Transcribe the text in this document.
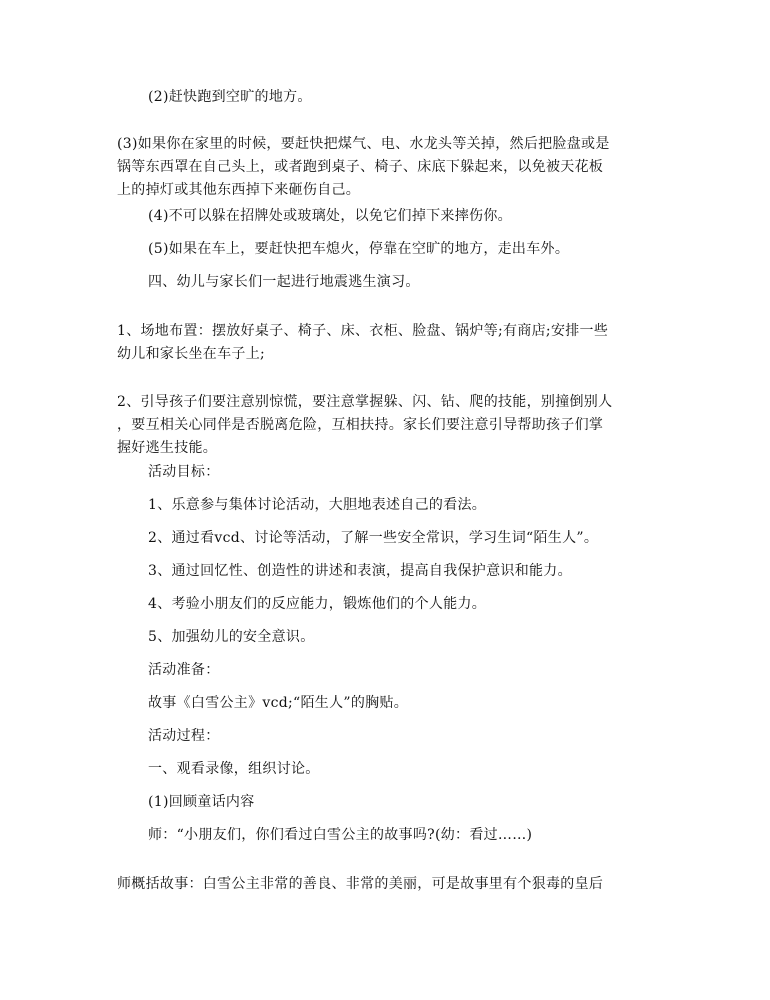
(2)赶快跑到空旷的地方。
(3)如果你在家里的时候，要赶快把煤气、电、水龙头等关掉，然后把脸盘或是
锅等东西罩在自己头上，或者跑到桌子、椅子、床底下躲起来，以免被天花板
上的掉灯或其他东西掉下来砸伤自己。
(4)不可以躲在招牌处或玻璃处，以免它们掉下来摔伤你。
(5)如果在车上，要赶快把车熄火，停靠在空旷的地方，走出车外。
四、幼儿与家长们一起进行地震逃生演习。
1、场地布置：摆放好桌子、椅子、床、衣柜、脸盘、锅炉等;有商店;安排一些
幼儿和家长坐在车子上;
2、引导孩子们要注意别惊慌，要注意掌握躲、闪、钻、爬的技能，别撞倒别人
，要互相关心同伴是否脱离危险，互相扶持。家长们要注意引导帮助孩子们掌
握好逃生技能。
活动目标：
1、乐意参与集体讨论活动，大胆地表述自己的看法。
2、通过看vcd、讨论等活动，了解一些安全常识，学习生词“陌生人”。
3、通过回忆性、创造性的讲述和表演，提高自我保护意识和能力。
4、考验小朋友们的反应能力，锻炼他们的个人能力。
5、加强幼儿的安全意识。
活动准备：
故事《白雪公主》vcd;“陌生人”的胸贴。
活动过程：
一、观看录像，组织讨论。
(1)回顾童话内容
师：“小朋友们，你们看过白雪公主的故事吗?(幼：看过……)
师概括故事：白雪公主非常的善良、非常的美丽，可是故事里有个狠毒的皇后
